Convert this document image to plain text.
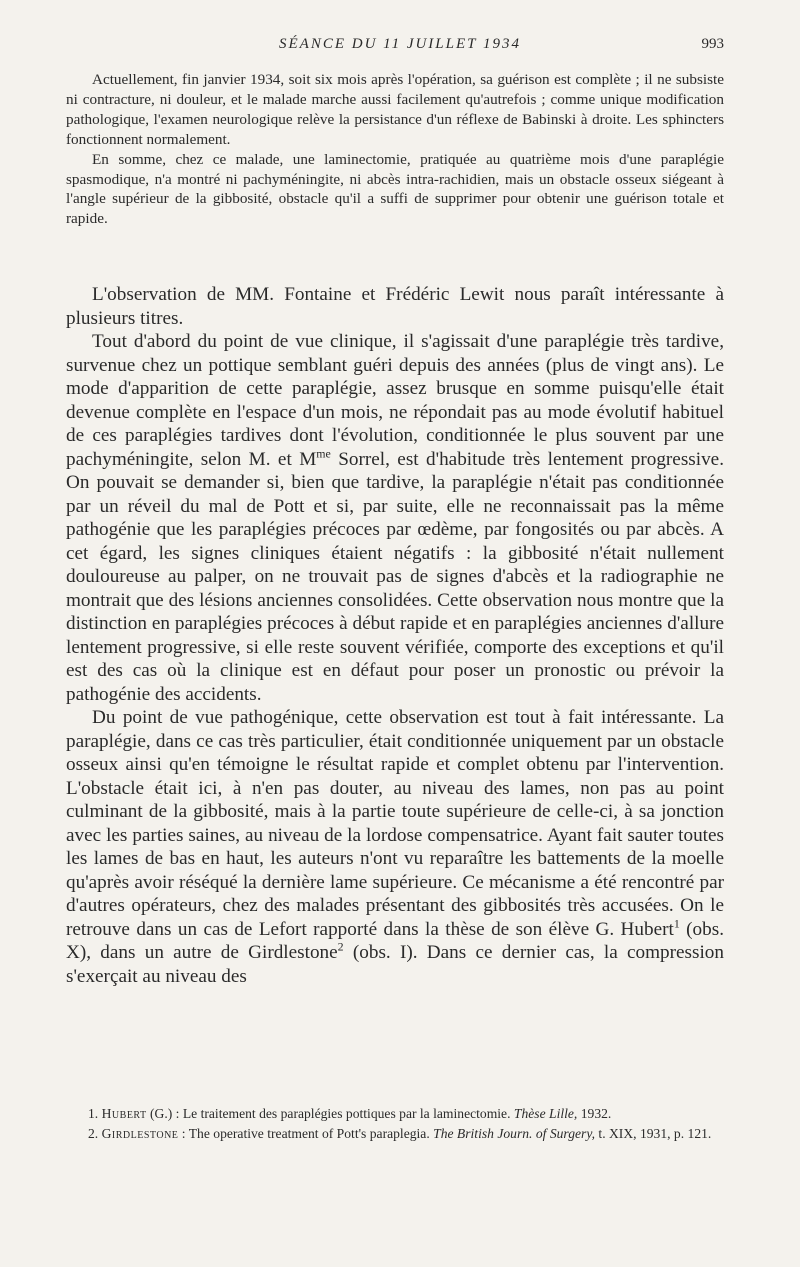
SÉANCE DU 11 JUILLET 1934	993

Actuellement, fin janvier 1934, soit six mois après l'opération, sa guérison est complète ; il ne subsiste ni contracture, ni douleur, et le malade marche aussi facilement qu'autrefois ; comme unique modification pathologique, l'examen neurologique relève la persistance d'un réflexe de Babinski à droite. Les sphincters fonctionnent normalement.

En somme, chez ce malade, une laminectomie, pratiquée au quatrième mois d'une paraplégie spasmodique, n'a montré ni pachyméningite, ni abcès intra-rachidien, mais un obstacle osseux siégeant à l'angle supérieur de la gibbosité, obstacle qu'il a suffi de supprimer pour obtenir une guérison totale et rapide.

L'observation de MM. Fontaine et Frédéric Lewit nous paraît intéressante à plusieurs titres.

Tout d'abord du point de vue clinique, il s'agissait d'une paraplégie très tardive, survenue chez un pottique semblant guéri depuis des années (plus de vingt ans). Le mode d'apparition de cette paraplégie, assez brusque en somme puisqu'elle était devenue complète en l'espace d'un mois, ne répondait pas au mode évolutif habituel de ces paraplégies tardives dont l'évolution, conditionnée le plus souvent par une pachyméningite, selon M. et $M^{me}$ Sorrel, est d'habitude très lentement progressive. On pouvait se demander si, bien que tardive, la paraplégie n'était pas conditionnée par un réveil du mal de Pott et si, par suite, elle ne reconnaissait pas la même pathogénie que les paraplégies précoces par œdème, par fongosités ou par abcès. A cet égard, les signes cliniques étaient négatifs : la gibbosité n'était nullement douloureuse au palper, on ne trouvait pas de signes d'abcès et la radiographie ne montrait que des lésions anciennes consolidées. Cette observation nous montre que la distinction en paraplégies précoces à début rapide et en paraplégies anciennes d'allure lentement progressive, si elle reste souvent vérifiée, comporte des exceptions et qu'il est des cas où la clinique est en défaut pour poser un pronostic ou prévoir la pathogénie des accidents.

Du point de vue pathogénique, cette observation est tout à fait intéressante. La paraplégie, dans ce cas très particulier, était conditionnée uniquement par un obstacle osseux ainsi qu'en témoigne le résultat rapide et complet obtenu par l'intervention. L'obstacle était ici, à n'en pas douter, au niveau des lames, non pas au point culminant de la gibbosité, mais à la partie toute supérieure de celle-ci, à sa jonction avec les parties saines, au niveau de la lordose compensatrice. Ayant fait sauter toutes les lames de bas en haut, les auteurs n'ont vu reparaître les battements de la moelle qu'après avoir réséqué la dernière lame supérieure. Ce mécanisme a été rencontré par d'autres opérateurs, chez des malades présentant des gibbosités très accusées. On le retrouve dans un cas de Lefort rapporté dans la thèse de son élève G. Hubert$^1$ (obs. X), dans un autre de Girdlestone$^2$ (obs. I). Dans ce dernier cas, la compression s'exerçait au niveau des

1. Hubert (G.) : Le traitement des paraplégies pottiques par la laminectomie. Thèse Lille, 1932.

2. Girdlestone : The operative treatment of Pott's paraplegia. The British Journ. of Surgery, t. XIX, 1931, p. 121.
